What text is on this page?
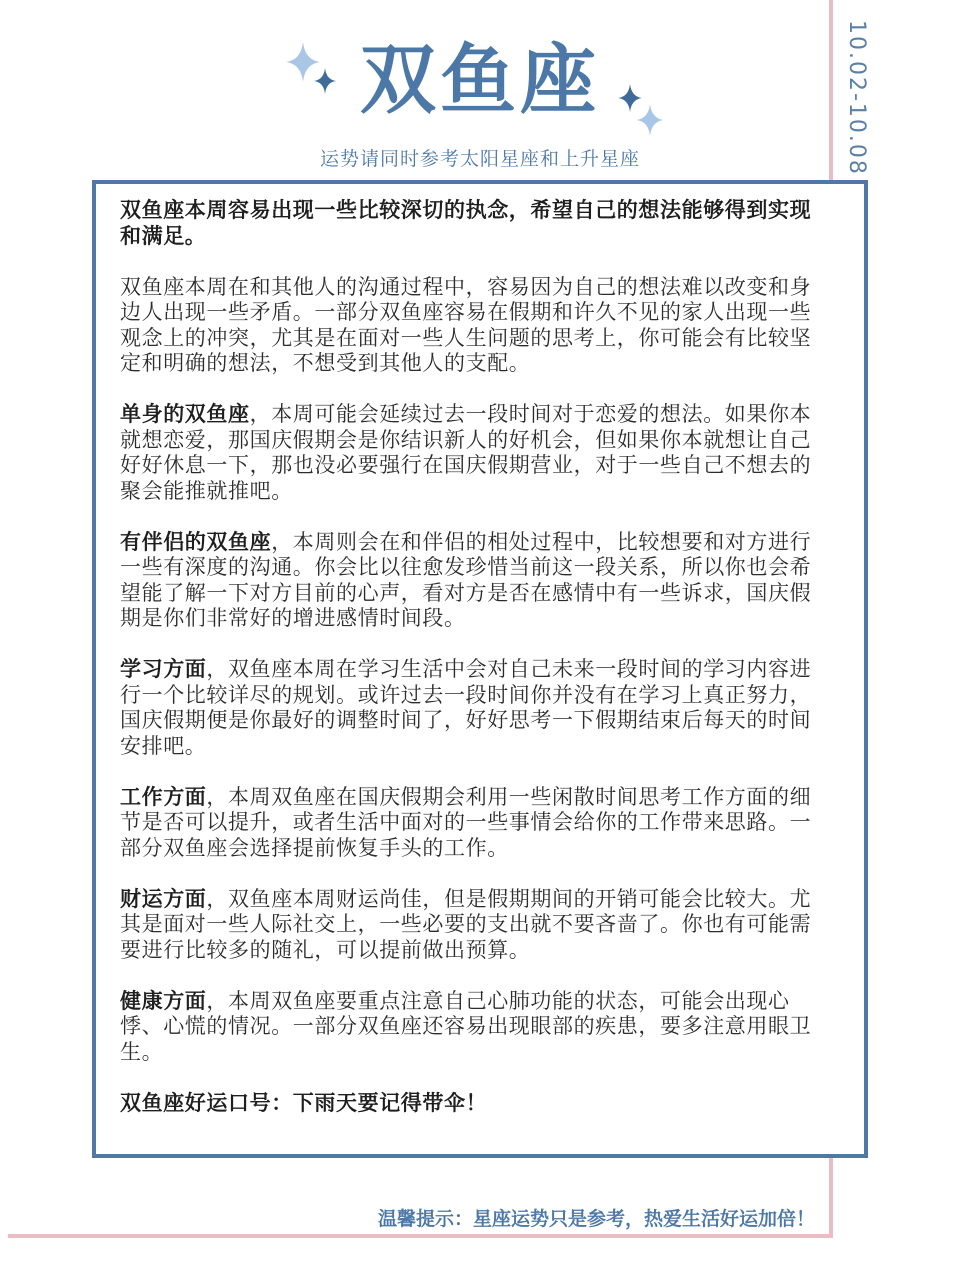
10.02-10.08
双鱼座
运势请同时参考太阳星座和上升星座

双鱼座本周容易出现一些比较深切的执念，希望自己的想法能够得到实现和满足。

双鱼座本周在和其他人的沟通过程中，容易因为自己的想法难以改变和身边人出现一些矛盾。一部分双鱼座容易在假期和许久不见的家人出现一些观念上的冲突，尤其是在面对一些人生问题的思考上，你可能会有比较坚定和明确的想法，不想受到其他人的支配。

单身的双鱼座，本周可能会延续过去一段时间对于恋爱的想法。如果你本就想恋爱，那国庆假期会是你结识新人的好机会，但如果你本就想让自己好好休息一下，那也没必要强行在国庆假期营业，对于一些自己不想去的聚会能推就推吧。

有伴侣的双鱼座，本周则会在和伴侣的相处过程中，比较想要和对方进行一些有深度的沟通。你会比以往愈发珍惜当前这一段关系，所以你也会希望能了解一下对方目前的心声，看对方是否在感情中有一些诉求，国庆假期是你们非常好的增进感情时间段。

学习方面，双鱼座本周在学习生活中会对自己未来一段时间的学习内容进行一个比较详尽的规划。或许过去一段时间你并没有在学习上真正努力，国庆假期便是你最好的调整时间了，好好思考一下假期结束后每天的时间安排吧。

工作方面，本周双鱼座在国庆假期会利用一些闲散时间思考工作方面的细节是否可以提升，或者生活中面对的一些事情会给你的工作带来思路。一部分双鱼座会选择提前恢复手头的工作。

财运方面，双鱼座本周财运尚佳，但是假期期间的开销可能会比较大。尤其是面对一些人际社交上，一些必要的支出就不要吝啬了。你也有可能需要进行比较多的随礼，可以提前做出预算。

健康方面，本周双鱼座要重点注意自己心肺功能的状态，可能会出现心悸、心慌的情况。一部分双鱼座还容易出现眼部的疾患，要多注意用眼卫生。

双鱼座好运口号：下雨天要记得带伞！

温馨提示：星座运势只是参考，热爱生活好运加倍！
